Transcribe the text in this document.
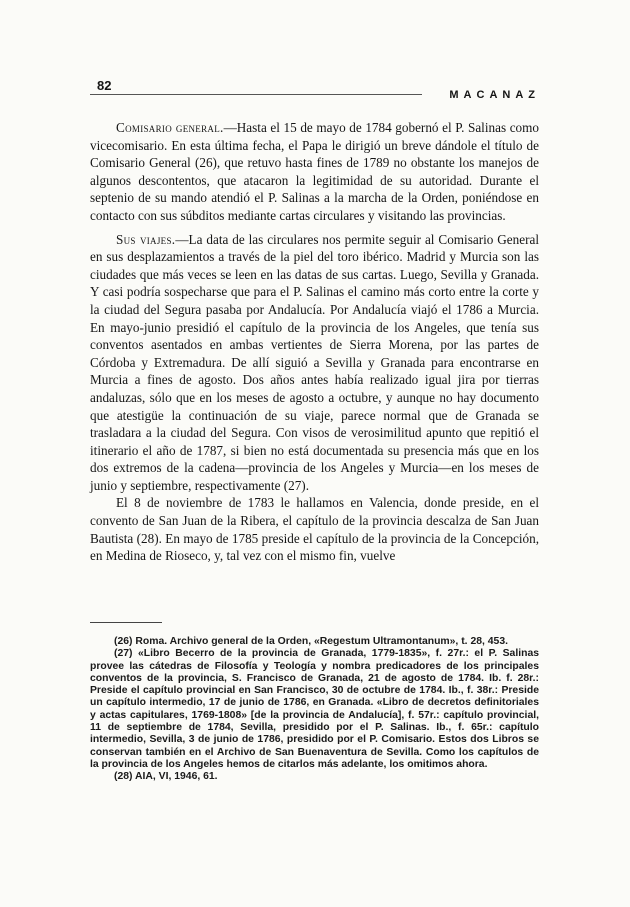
82
MACANAZ

Comisario general.—Hasta el 15 de mayo de 1784 gobernó el P. Salinas como vicecomisario. En esta última fecha, el Papa le dirigió un breve dándole el título de Comisario General (26), que retuvo hasta fines de 1789 no obstante los manejos de algunos descontentos, que atacaron la legitimidad de su autoridad. Durante el septenio de su mando atendió el P. Salinas a la marcha de la Orden, poniéndose en contacto con sus súbditos mediante cartas circulares y visitando las provincias.

Sus viajes.—La data de las circulares nos permite seguir al Comisario General en sus desplazamientos a través de la piel del toro ibérico. Madrid y Murcia son las ciudades que más veces se leen en las datas de sus cartas. Luego, Sevilla y Granada. Y casi podría sospecharse que para el P. Salinas el camino más corto entre la corte y la ciudad del Segura pasaba por Andalucía. Por Andalucía viajó el 1786 a Murcia. En mayo-junio presidió el capítulo de la provincia de los Angeles, que tenía sus conventos asentados en ambas vertientes de Sierra Morena, por las partes de Córdoba y Extremadura. De allí siguió a Sevilla y Granada para encontrarse en Murcia a fines de agosto. Dos años antes había realizado igual jira por tierras andaluzas, sólo que en los meses de agosto a octubre, y aunque no hay documento que atestigüe la continuación de su viaje, parece normal que de Granada se trasladara a la ciudad del Segura. Con visos de verosimilitud apunto que repitió el itinerario el año de 1787, si bien no está documentada su presencia más que en los dos extremos de la cadena—provincia de los Angeles y Murcia—en los meses de junio y septiembre, respectivamente (27).

El 8 de noviembre de 1783 le hallamos en Valencia, donde preside, en el convento de San Juan de la Ribera, el capítulo de la provincia descalza de San Juan Bautista (28). En mayo de 1785 preside el capítulo de la provincia de la Concepción, en Medina de Rioseco, y, tal vez con el mismo fin, vuelve

(26) Roma. Archivo general de la Orden, «Regestum Ultramontanum», t. 28, 453.

(27) «Libro Becerro de la provincia de Granada, 1779-1835», f. 27r.: el P. Salinas provee las cátedras de Filosofía y Teología y nombra predicadores de los principales conventos de la provincia, S. Francisco de Granada, 21 de agosto de 1784. Ib. f. 28r.: Preside el capítulo provincial en San Francisco, 30 de octubre de 1784. Ib., f. 38r.: Preside un capítulo intermedio, 17 de junio de 1786, en Granada. «Libro de decretos definitoriales y actas capitulares, 1769-1808» [de la provincia de Andalucía], f. 57r.: capítulo provincial, 11 de septiembre de 1784, Sevilla, presidido por el P. Salinas. Ib., f. 65r.: capítulo intermedio, Sevilla, 3 de junio de 1786, presidido por el P. Comisario. Estos dos Libros se conservan también en el Archivo de San Buenaventura de Sevilla. Como los capítulos de la provincia de los Angeles hemos de citarlos más adelante, los omitimos ahora.

(28) AIA, VI, 1946, 61.
